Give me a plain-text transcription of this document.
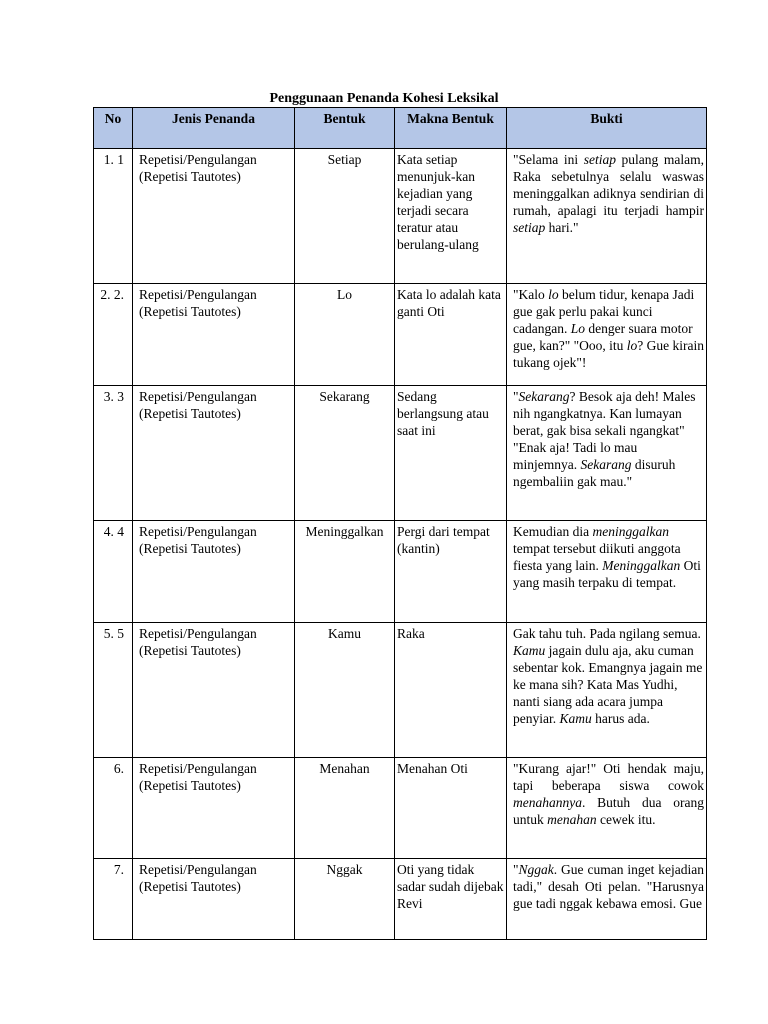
Penggunaan Penanda Kohesi Leksikal
No	Jenis Penanda	Bentuk	Makna Bentuk	Bukti
1. 1	Repetisi/Pengulangan (Repetisi Tautotes)	Setiap	Kata setiap menunjuk-kan kejadian yang terjadi secara teratur atau berulang-ulang	"Selama ini setiap pulang malam, Raka sebetulnya selalu waswas meninggalkan adiknya sendirian di rumah, apalagi itu terjadi hampir setiap hari."
2. 2.	Repetisi/Pengulangan (Repetisi Tautotes)	Lo	Kata lo adalah kata ganti Oti	"Kalo lo belum tidur, kenapa Jadi gue gak perlu pakai kunci cadangan. Lo denger suara motor gue, kan?" "Ooo, itu lo? Gue kirain tukang ojek"!
3. 3	Repetisi/Pengulangan (Repetisi Tautotes)	Sekarang	Sedang berlangsung atau saat ini	"Sekarang? Besok aja deh! Males nih ngangkatnya. Kan lumayan berat, gak bisa sekali ngangkat" "Enak aja! Tadi lo mau minjemnya. Sekarang disuruh ngembaliin gak mau."
4. 4	Repetisi/Pengulangan (Repetisi Tautotes)	Meninggalkan	Pergi dari tempat (kantin)	Kemudian dia meninggalkan tempat tersebut diikuti anggota fiesta yang lain. Meninggalkan Oti yang masih terpaku di tempat.
5. 5	Repetisi/Pengulangan (Repetisi Tautotes)	Kamu	Raka	Gak tahu tuh. Pada ngilang semua. Kamu jagain dulu aja, aku cuman sebentar kok. Emangnya jagain me ke mana sih? Kata Mas Yudhi, nanti siang ada acara jumpa penyiar. Kamu harus ada.
6.	Repetisi/Pengulangan (Repetisi Tautotes)	Menahan	Menahan Oti	"Kurang ajar!" Oti hendak maju, tapi beberapa siswa cowok menahannya. Butuh dua orang untuk menahan cewek itu.
7.	Repetisi/Pengulangan (Repetisi Tautotes)	Nggak	Oti yang tidak sadar sudah dijebak Revi	"Nggak. Gue cuman inget kejadian tadi," desah Oti pelan. "Harusnya gue tadi nggak kebawa emosi. Gue
